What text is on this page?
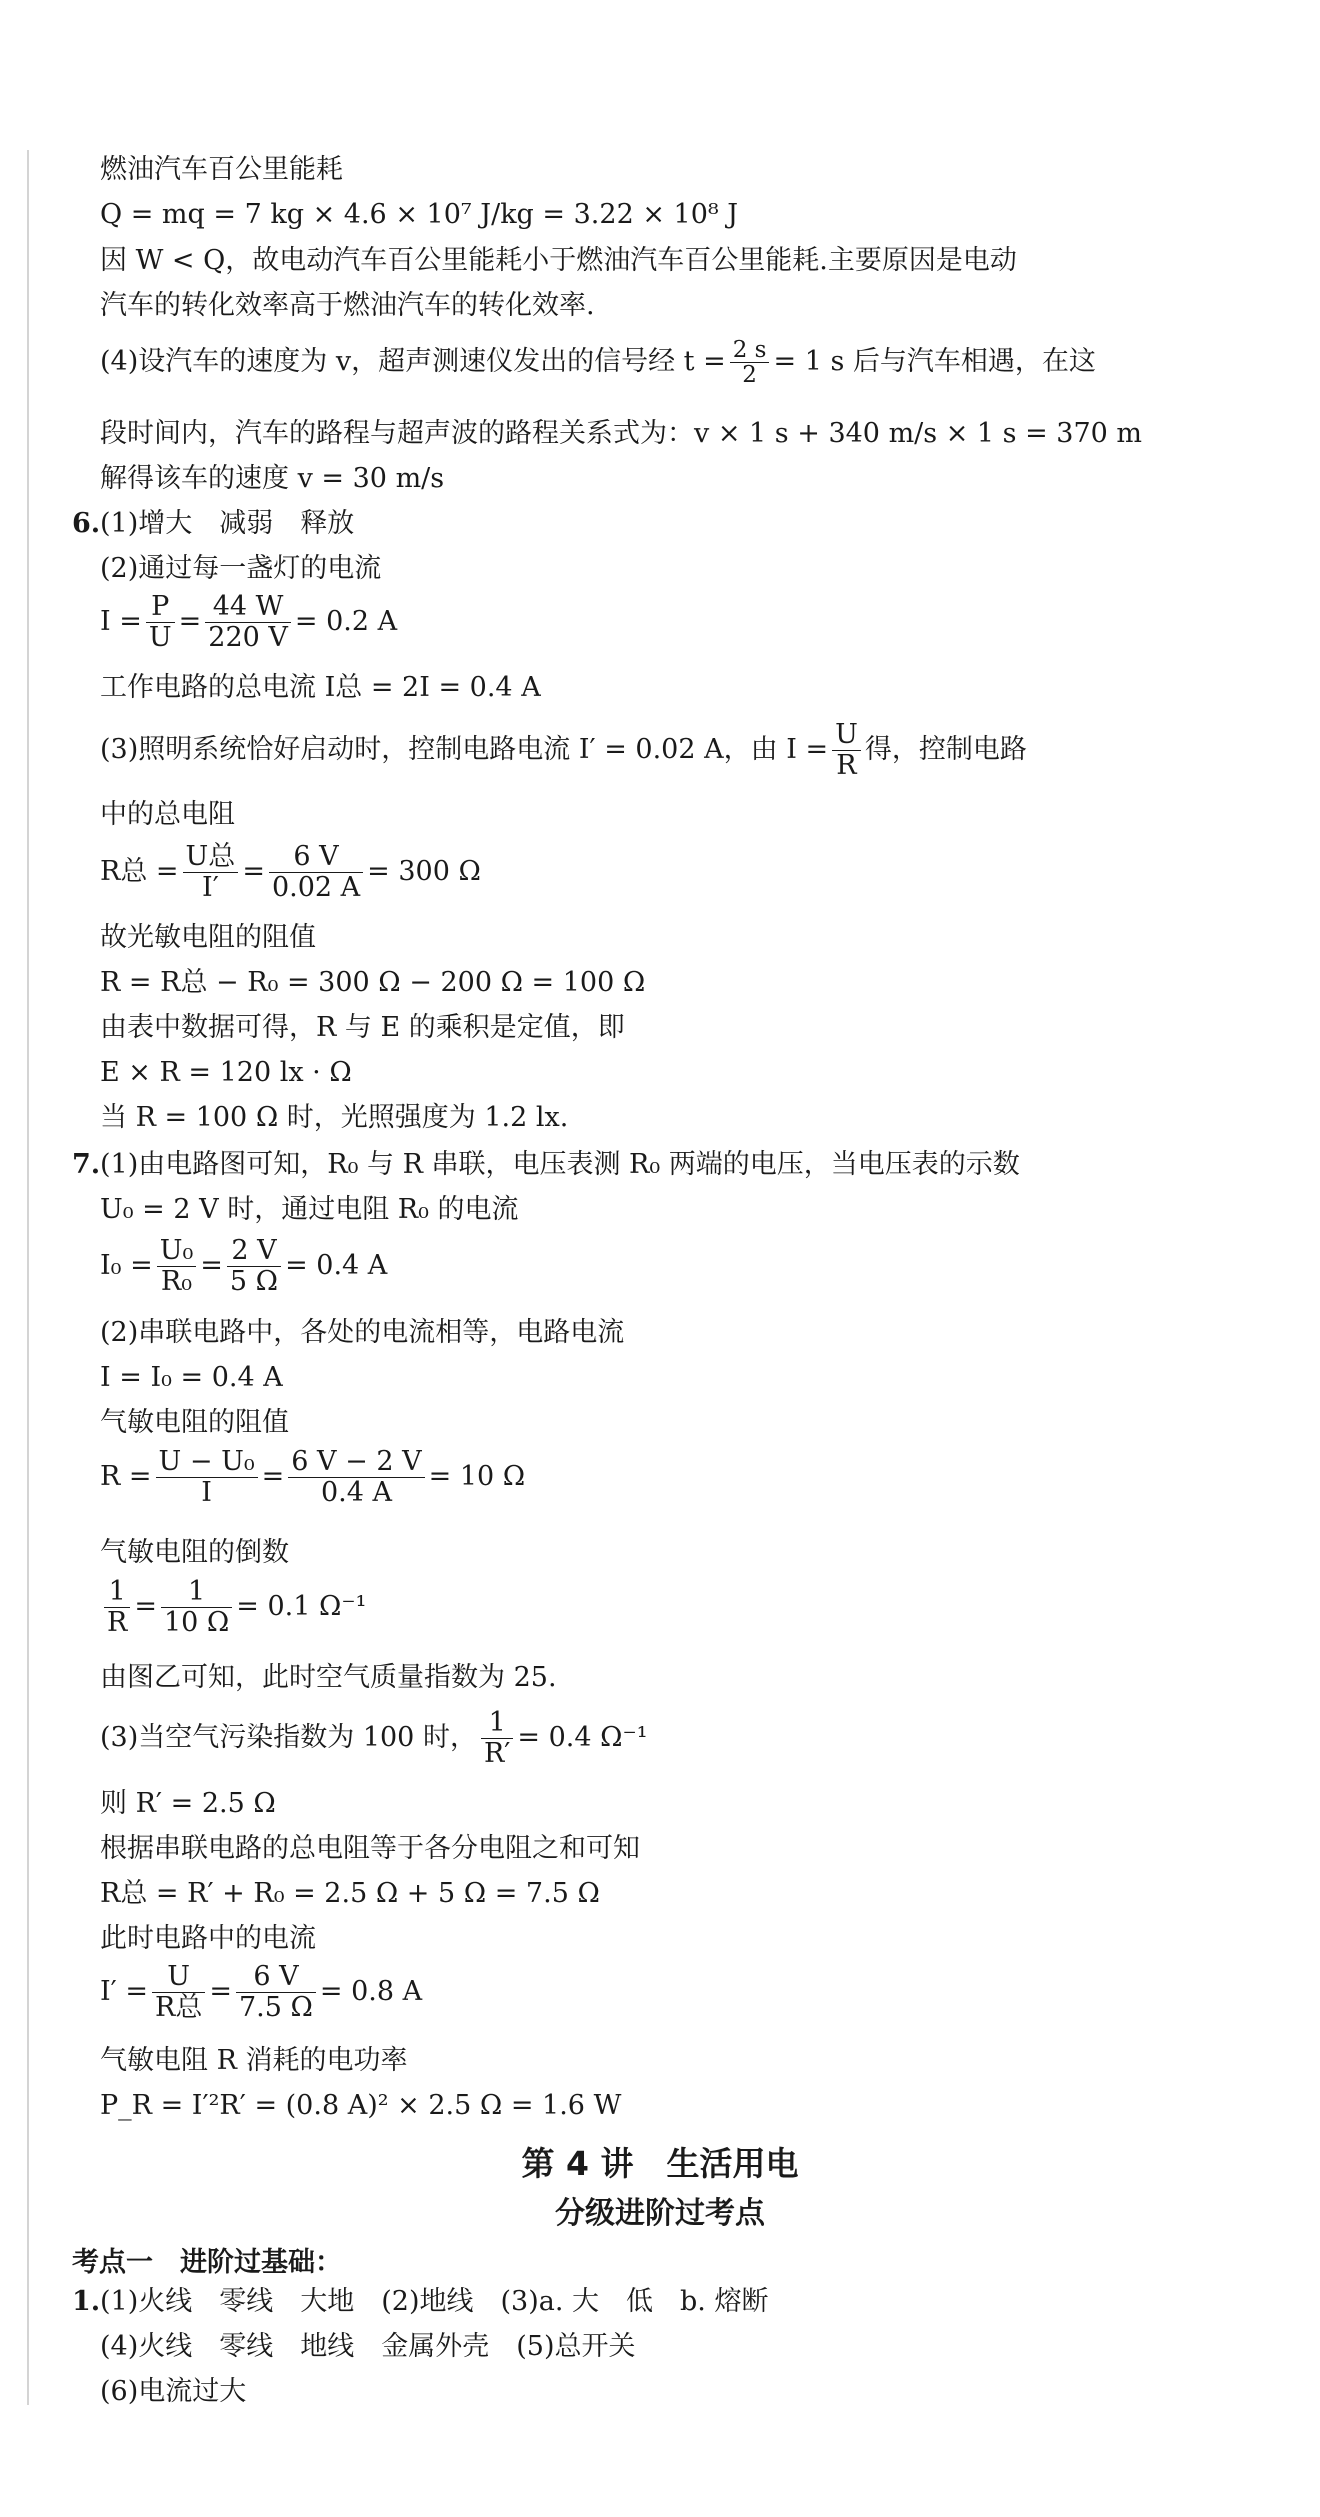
燃油汽车百公里能耗
Q = mq = 7 kg × 4.6 × 10⁷ J/kg = 3.22 × 10⁸ J
因 W < Q，故电动汽车百公里能耗小于燃油汽车百公里能耗.主要原因是电动
汽车的转化效率高于燃油汽车的转化效率.
(4)设汽车的速度为 v，超声测速仪发出的信号经 $t = \frac{2 s}{2} = 1$ s 后与汽车相遇，在这
段时间内，汽车的路程与超声波的路程关系式为：v × 1 s + 340 m/s × 1 s = 370 m
解得该车的速度 v = 30 m/s
6. (1)增大　减弱　释放
(2)通过每一盏灯的电流
$I = \frac{P}{U} = \frac{44 W}{220 V} = 0.2$ A
工作电路的总电流 I总 = 2I = 0.4 A
(3)照明系统恰好启动时，控制电路电流 I′ = 0.02 A，由 $I = \frac{U}{R}$ 得，控制电路
中的总电阻
R总 = U总
I′
= $\frac{6 V}{0.02 A} = 300$ Ω
故光敏电阻的阻值
R = R总 − R₀ = 300 Ω − 200 Ω = 100 Ω
由表中数据可得，R 与 E 的乘积是定值，即
E × R = 120 lx · Ω
当 R = 100 Ω 时，光照强度为 1.2 lx.
7. (1)由电路图可知，R₀ 与 R 串联，电压表测 R₀ 两端的电压，当电压表的示数
U₀ = 2 V 时，通过电阻 R₀ 的电流
$I_0 = \frac{\text{U₀}}{\text{R₀}} = \frac{2 V}{5 \Omega} = 0.4$ A
(2)串联电路中，各处的电流相等，电路电流
I = I₀ = 0.4 A
气敏电阻的阻值
$R = \frac{\text{U − U₀}}{I} = \frac{6 V - 2 V}{0.4 A} = 10$ Ω
气敏电阻的倒数
$\frac{1}{R} = \frac{1}{10 \Omega} = 0.1$ Ω⁻¹
由图乙可知，此时空气质量指数为 25.
(3)当空气污染指数为 100 时， $\frac{1}{R'} = 0.4$ Ω⁻¹
则 R′ = 2.5 Ω
根据串联电路的总电阻等于各分电阻之和可知
R总 = R′ + R₀ = 2.5 Ω + 5 Ω = 7.5 Ω
此时电路中的电流
I′ = U
R总
= $\frac{6 V}{7.5 \Omega} = 0.8$ A
气敏电阻 R 消耗的电功率
P_R = I′²R′ = (0.8 A)² × 2.5 Ω = 1.6 W
第 4 讲　生活用电
分级进阶过考点
考点一　进阶过基础：
1. (1)火线　零线　大地　(2)地线　(3)a. 大　低　b. 熔断
(4)火线　零线　地线　金属外壳　(5)总开关
(6)电流过大
